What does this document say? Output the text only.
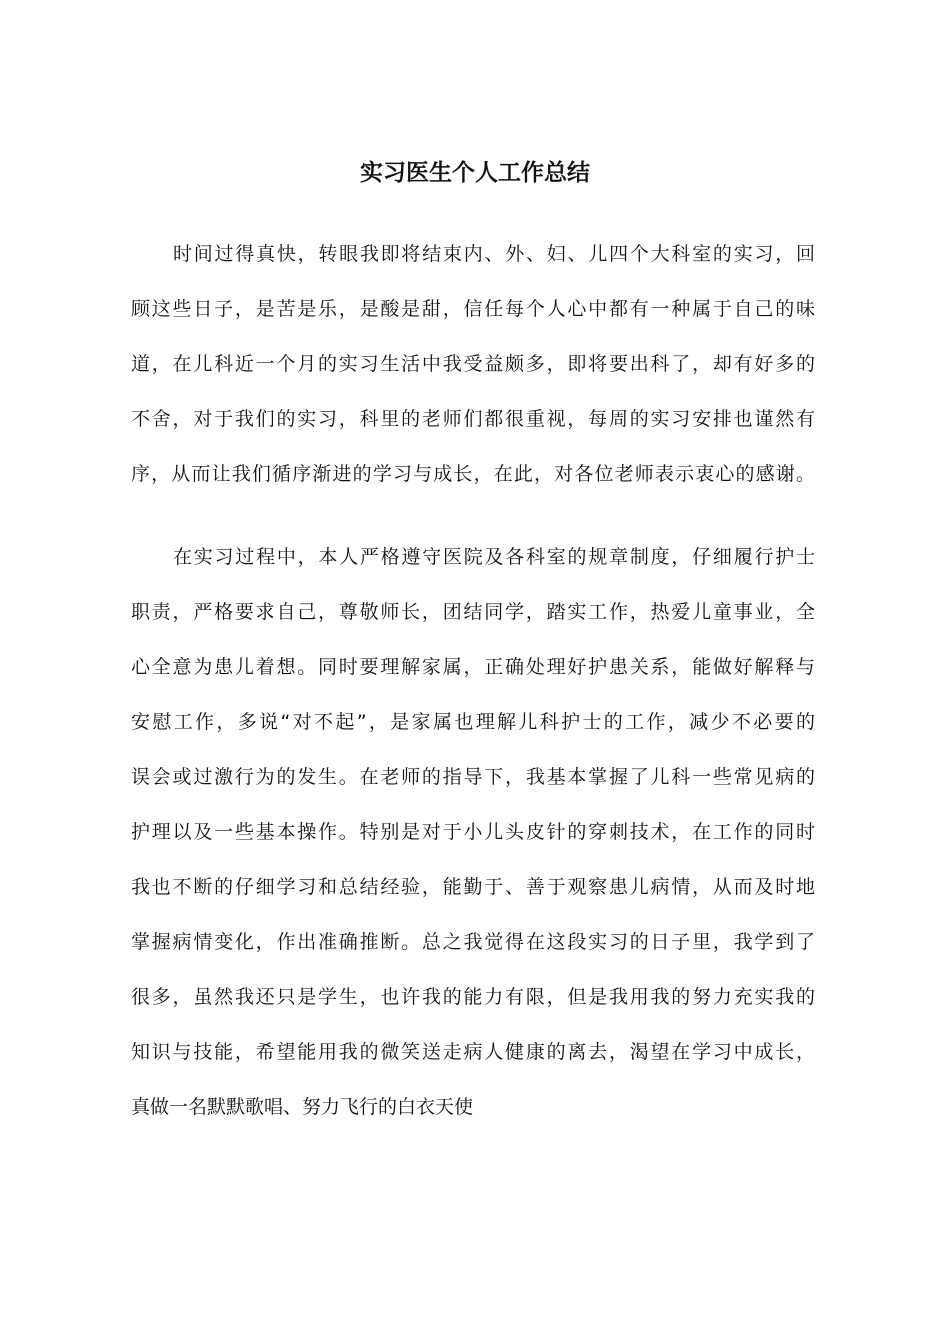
实习医生个人工作总结
时间过得真快，转眼我即将结束内、外、妇、儿四个大科室的实习，回
顾这些日子，是苦是乐，是酸是甜，信任每个人心中都有一种属于自己的味
道，在儿科近一个月的实习生活中我受益颇多，即将要出科了，却有好多的
不舍，对于我们的实习，科里的老师们都很重视，每周的实习安排也谨然有
序，从而让我们循序渐进的学习与成长，在此，对各位老师表示衷心的感谢。
在实习过程中，本人严格遵守医院及各科室的规章制度，仔细履行护士
职责，严格要求自己，尊敬师长，团结同学，踏实工作，热爱儿童事业，全
心全意为患儿着想。同时要理解家属，正确处理好护患关系，能做好解释与
安慰工作，多说“对不起”，是家属也理解儿科护士的工作，减少不必要的
误会或过激行为的发生。在老师的指导下，我基本掌握了儿科一些常见病的
护理以及一些基本操作。特别是对于小儿头皮针的穿刺技术，在工作的同时
我也不断的仔细学习和总结经验，能勤于、善于观察患儿病情，从而及时地
掌握病情变化，作出准确推断。总之我觉得在这段实习的日子里，我学到了
很多，虽然我还只是学生，也许我的能力有限，但是我用我的努力充实我的
知识与技能，希望能用我的微笑送走病人健康的离去，渴望在学习中成长，
真做一名默默歌唱、努力飞行的白衣天使
